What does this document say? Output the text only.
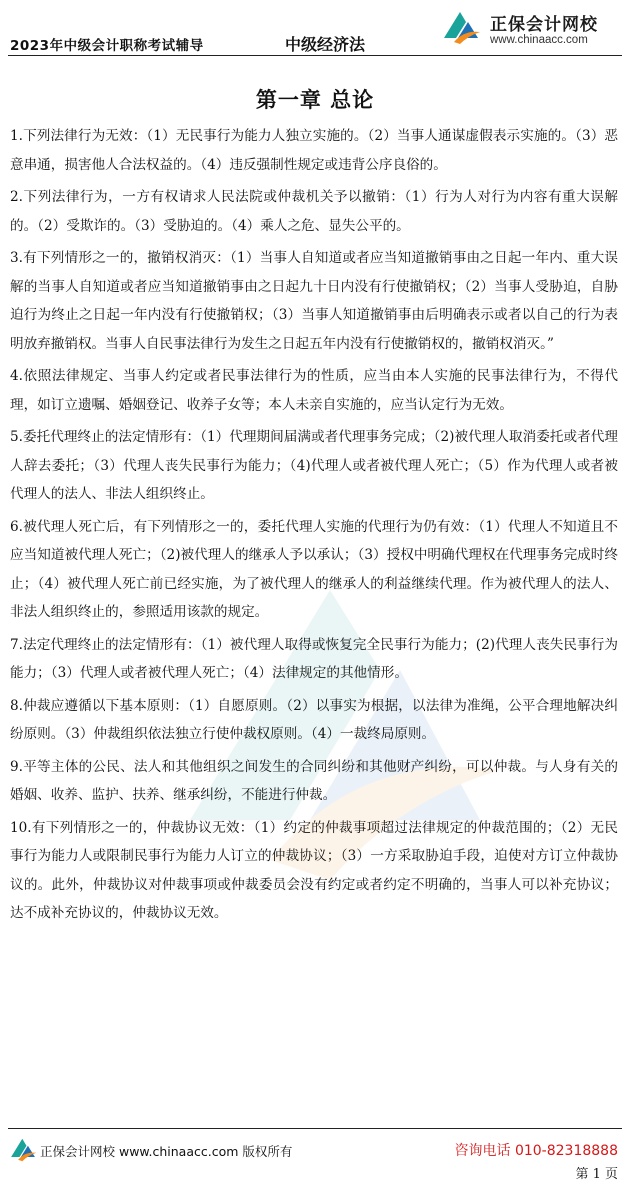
2023年中级会计职称考试辅导	中级经济法
正保会计网校
www.chinaacc.com
第一章 总论

1.下列法律行为无效：（1）无民事行为能力人独立实施的。（2）当事人通谋虚假表示实施的。（3）恶意串通，损害他人合法权益的。（4）违反强制性规定或违背公序良俗的。

2.下列法律行为，一方有权请求人民法院或仲裁机关予以撤销：（1）行为人对行为内容有重大误解的。（2）受欺诈的。（3）受胁迫的。（4）乘人之危、显失公平的。

3.有下列情形之一的，撤销权消灭：（1）当事人自知道或者应当知道撤销事由之日起一年内、重大误解的当事人自知道或者应当知道撤销事由之日起九十日内没有行使撤销权；（2）当事人受胁迫，自胁迫行为终止之日起一年内没有行使撤销权；（3）当事人知道撤销事由后明确表示或者以自己的行为表明放弃撤销权。当事人自民事法律行为发生之日起五年内没有行使撤销权的，撤销权消灭。”

4.依照法律规定、当事人约定或者民事法律行为的性质，应当由本人实施的民事法律行为，不得代理，如订立遗嘱、婚姻登记、收养子女等；本人未亲自实施的，应当认定行为无效。

5.委托代理终止的法定情形有：（1）代理期间届满或者代理事务完成；（2)被代理人取消委托或者代理人辞去委托；（3）代理人丧失民事行为能力；（4)代理人或者被代理人死亡；（5）作为代理人或者被代理人的法人、非法人组织终止。

6.被代理人死亡后，有下列情形之一的，委托代理人实施的代理行为仍有效：（1）代理人不知道且不应当知道被代理人死亡；（2)被代理人的继承人予以承认；（3）授权中明确代理权在代理事务完成时终止；（4）被代理人死亡前已经实施，为了被代理人的继承人的利益继续代理。作为被代理人的法人、非法人组织终止的，参照适用该款的规定。

7.法定代理终止的法定情形有：（1）被代理人取得或恢复完全民事行为能力；(2)代理人丧失民事行为能力；（3）代理人或者被代理人死亡；（4）法律规定的其他情形。

8.仲裁应遵循以下基本原则：（1）自愿原则。（2）以事实为根据，以法律为准绳，公平合理地解决纠纷原则。（3）仲裁组织依法独立行使仲裁权原则。（4）一裁终局原则。

9.平等主体的公民、法人和其他组织之间发生的合同纠纷和其他财产纠纷，可以仲裁。与人身有关的婚姻、收养、监护、扶养、继承纠纷，不能进行仲裁。

10.有下列情形之一的，仲裁协议无效：（1）约定的仲裁事项超过法律规定的仲裁范围的；（2）无民事行为能力人或限制民事行为能力人订立的仲裁协议；（3）一方采取胁迫手段，迫使对方订立仲裁协议的。此外，仲裁协议对仲裁事项或仲裁委员会没有约定或者约定不明确的，当事人可以补充协议；达不成补充协议的，仲裁协议无效。

正保会计网校 www.chinaacc.com 版权所有	咨询电话 010-82318888
第 1 页
